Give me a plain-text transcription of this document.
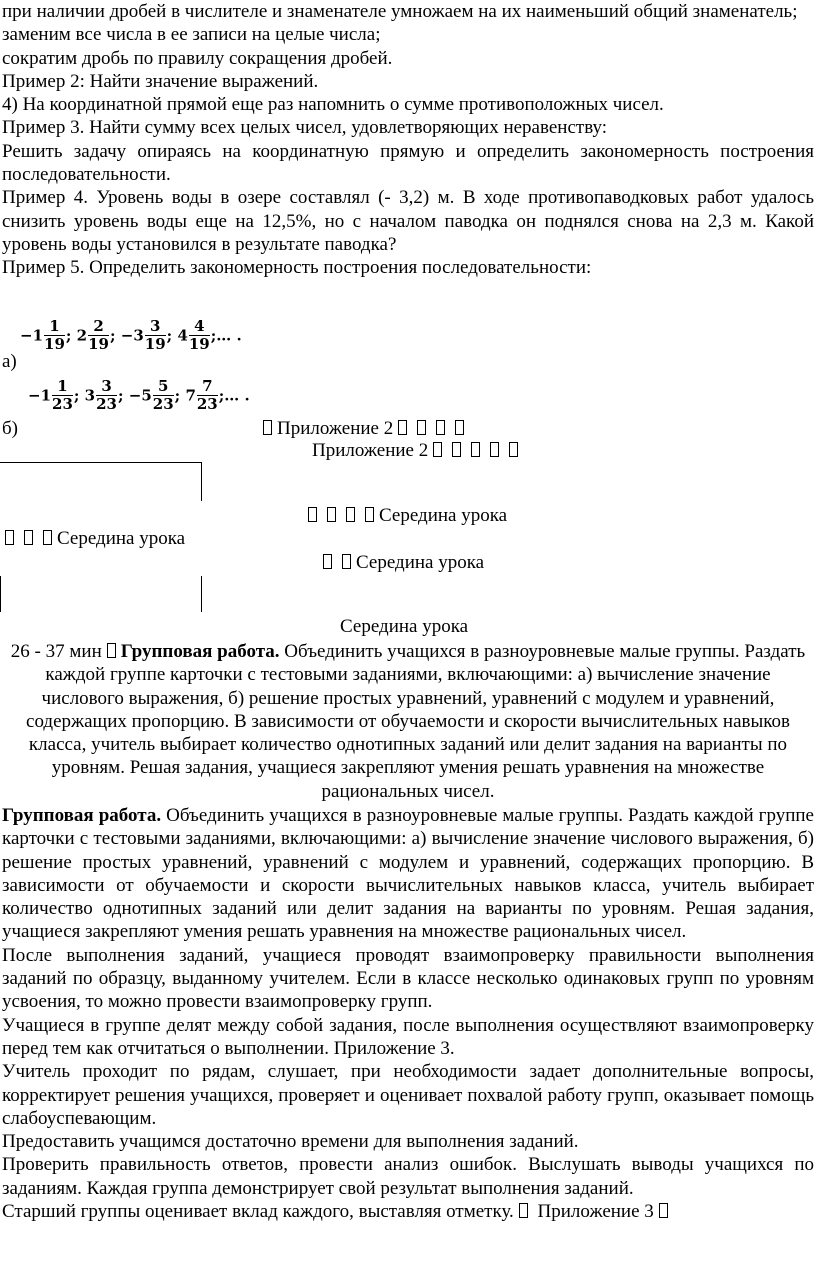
при наличии дробей в числителе и знаменателе умножаем на их наименьший общий знаменатель;

заменим все числа в ее записи на целые числа;

сократим дробь по правилу сокращения дробей.

Пример 2: Найти значение выражений.

4) На координатной прямой еще раз напомнить о сумме противоположных чисел.

Пример 3. Найти сумму всех целых чисел, удовлетворяющих неравенству:

Решить задачу опираясь на координатную прямую и определить закономерность построения последовательности.

Пример 4. Уровень воды в озере составлял (- 3,2) м. В ходе противопаводковых работ удалось снизить уровень воды еще на 12,5%, но с началом паводка он поднялся снова на 2,3 м. Какой уровень воды установился в результате паводка?

Пример 5. Определить закономерность построения последовательности:

$-1 \frac{1}{19}$ ; $2 \frac{2}{19}$ ; $-3 \frac{3}{19}$ ; $4 \frac{4}{19}$ ;… .
а)
$-1 \frac{1}{23}$ ; $3 \frac{3}{23}$ ; $-5 \frac{5}{23}$ ; $7 \frac{7}{23}$ ;… .
б)	Приложение 2
Приложение 2
Середина урока
Середина урока
Середина урока
Середина урока

26 - 37 мин Групповая работа. Объединить учащихся в разноуровневые малые группы. Раздать каждой группе карточки с тестовыми заданиями, включающими: а) вычисление значение числового выражения, б) решение простых уравнений, уравнений с модулем и уравнений, содержащих пропорцию. В зависимости от обучаемости и скорости вычислительных навыков класса, учитель выбирает количество однотипных заданий или делит задания на варианты по уровням. Решая задания, учащиеся закрепляют умения решать уравнения на множестве рациональных чисел.

Групповая работа. Объединить учащихся в разноуровневые малые группы. Раздать каждой группе карточки с тестовыми заданиями, включающими: а) вычисление значение числового выражения, б) решение простых уравнений, уравнений с модулем и уравнений, содержащих пропорцию. В зависимости от обучаемости и скорости вычислительных навыков класса, учитель выбирает количество однотипных заданий или делит задания на варианты по уровням. Решая задания, учащиеся закрепляют умения решать уравнения на множестве рациональных чисел.

После выполнения заданий, учащиеся проводят взаимопроверку правильности выполнения заданий по образцу, выданному учителем. Если в классе несколько одинаковых групп по уровням усвоения, то можно провести взаимопроверку групп.

Учащиеся в группе делят между собой задания, после выполнения осуществляют взаимопроверку перед тем как отчитаться о выполнении. Приложение 3.

Учитель проходит по рядам, слушает, при необходимости задает дополнительные вопросы, корректирует решения учащихся, проверяет и оценивает похвалой работу групп, оказывает помощь слабоуспевающим.

Предоставить учащимся достаточно времени для выполнения заданий.

Проверить правильность ответов, провести анализ ошибок. Выслушать выводы учащихся по заданиям. Каждая группа демонстрирует свой результат выполнения заданий.

Старший группы оценивает вклад каждого, выставляя отметку. Приложение 3
